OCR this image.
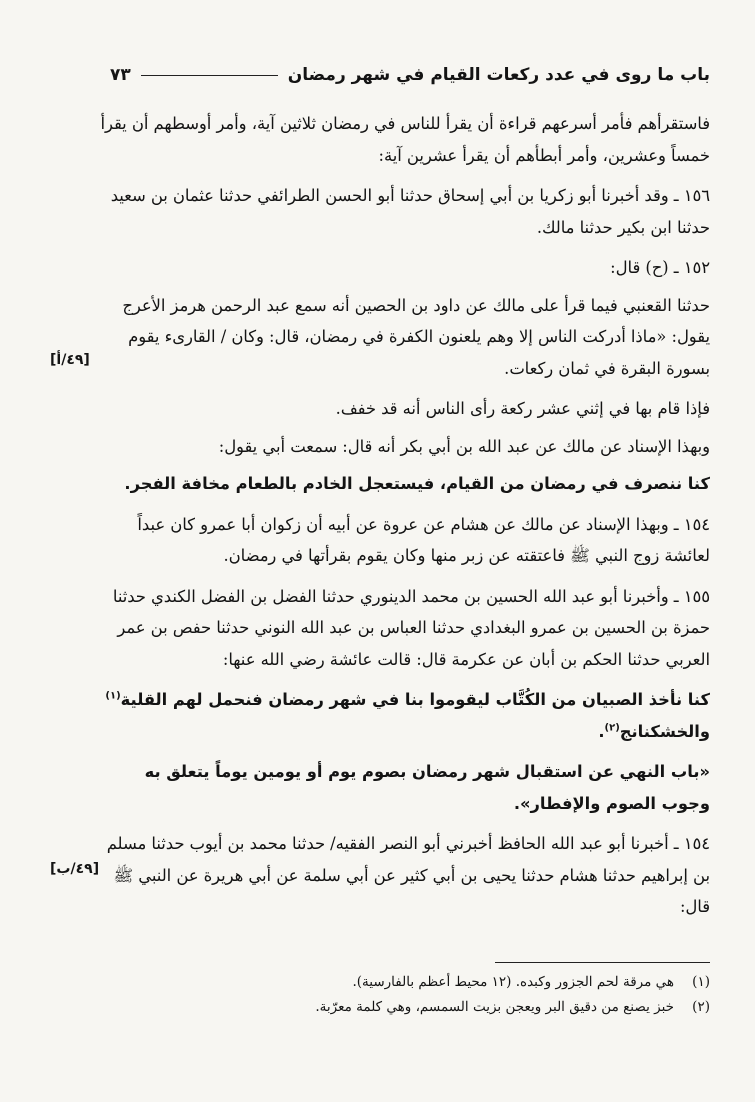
باب ما روى في عدد ركعات القيام في شهر رمضان
٧٣

فاستقرأهم فأمر أسرعهم قراءة أن يقرأ للناس في رمضان ثلاثين آية، وأمر أوسطهم أن يقرأ خمساً وعشرين، وأمر أبطأهم أن يقرأ عشرين آية:

١٥٦ ـ وقد أخبرنا أبو زكريا بن أبي إسحاق حدثنا أبو الحسن الطرائفي حدثنا عثمان بن سعيد حدثنا ابن بكير حدثنا مالك.

١٥٢ ـ (ح) قال:

حدثنا القعنبي فيما قرأ على مالك عن داود بن الحصين أنه سمع عبد الرحمن هرمز الأعرج يقول: «ماذا أدركت الناس إلا وهم يلعنون الكفرة في رمضان، قال: وكان / القارىء يقوم بسورة البقرة في ثمان ركعات.

فإذا قام بها في إثني عشر ركعة رأى الناس أنه قد خفف.

وبهذا الإسناد عن مالك عن عبد الله بن أبي بكر أنه قال: سمعت أبي يقول:

كنا ننصرف في رمضان من القيام، فيستعجل الخادم بالطعام مخافة الفجر.

١٥٤ ـ وبهذا الإسناد عن مالك عن هشام عن عروة عن أبيه أن زكوان أبا عمرو كان عبداً لعائشة زوج النبي ﷺ فاعتقته عن زبر منها وكان يقوم بقرأتها في رمضان.

١٥٥ ـ وأخبرنا أبو عبد الله الحسين بن محمد الدينوري حدثنا الفضل بن الفضل الكندي حدثنا حمزة بن الحسين بن عمرو البغدادي حدثنا العباس بن عبد الله النوني حدثنا حفص بن عمر العربي حدثنا الحكم بن أبان عن عكرمة قال: قالت عائشة رضي الله عنها:

كنا نأخذ الصبيان من الكُتَّاب ليقوموا بنا في شهر رمضان فنحمل لهم القلية$^{(١)}$ والخشكنانج$^{(٢)}$.

«باب النهي عن استقبال شهر رمضان بصوم يوم أو يومين يوماً يتعلق به وجوب الصوم والإفطار».

١٥٤ ـ أخبرنا أبو عبد الله الحافظ أخبرني أبو النصر الفقيه/ حدثنا محمد بن أيوب حدثنا مسلم بن إبراهيم حدثنا هشام حدثنا يحيى بن أبي كثير عن أبي سلمة عن أبي هريرة عن النبي ﷺ قال:

[٤٩/أ]
[٤٩/ب]
(١)هي مرقة لحم الجزور وكبده. (١٢ محيط أعظم بالفارسية).
(٢)خبز يصنع من دقيق البر ويعجن بزيت السمسم، وهي كلمة معرّبة.
